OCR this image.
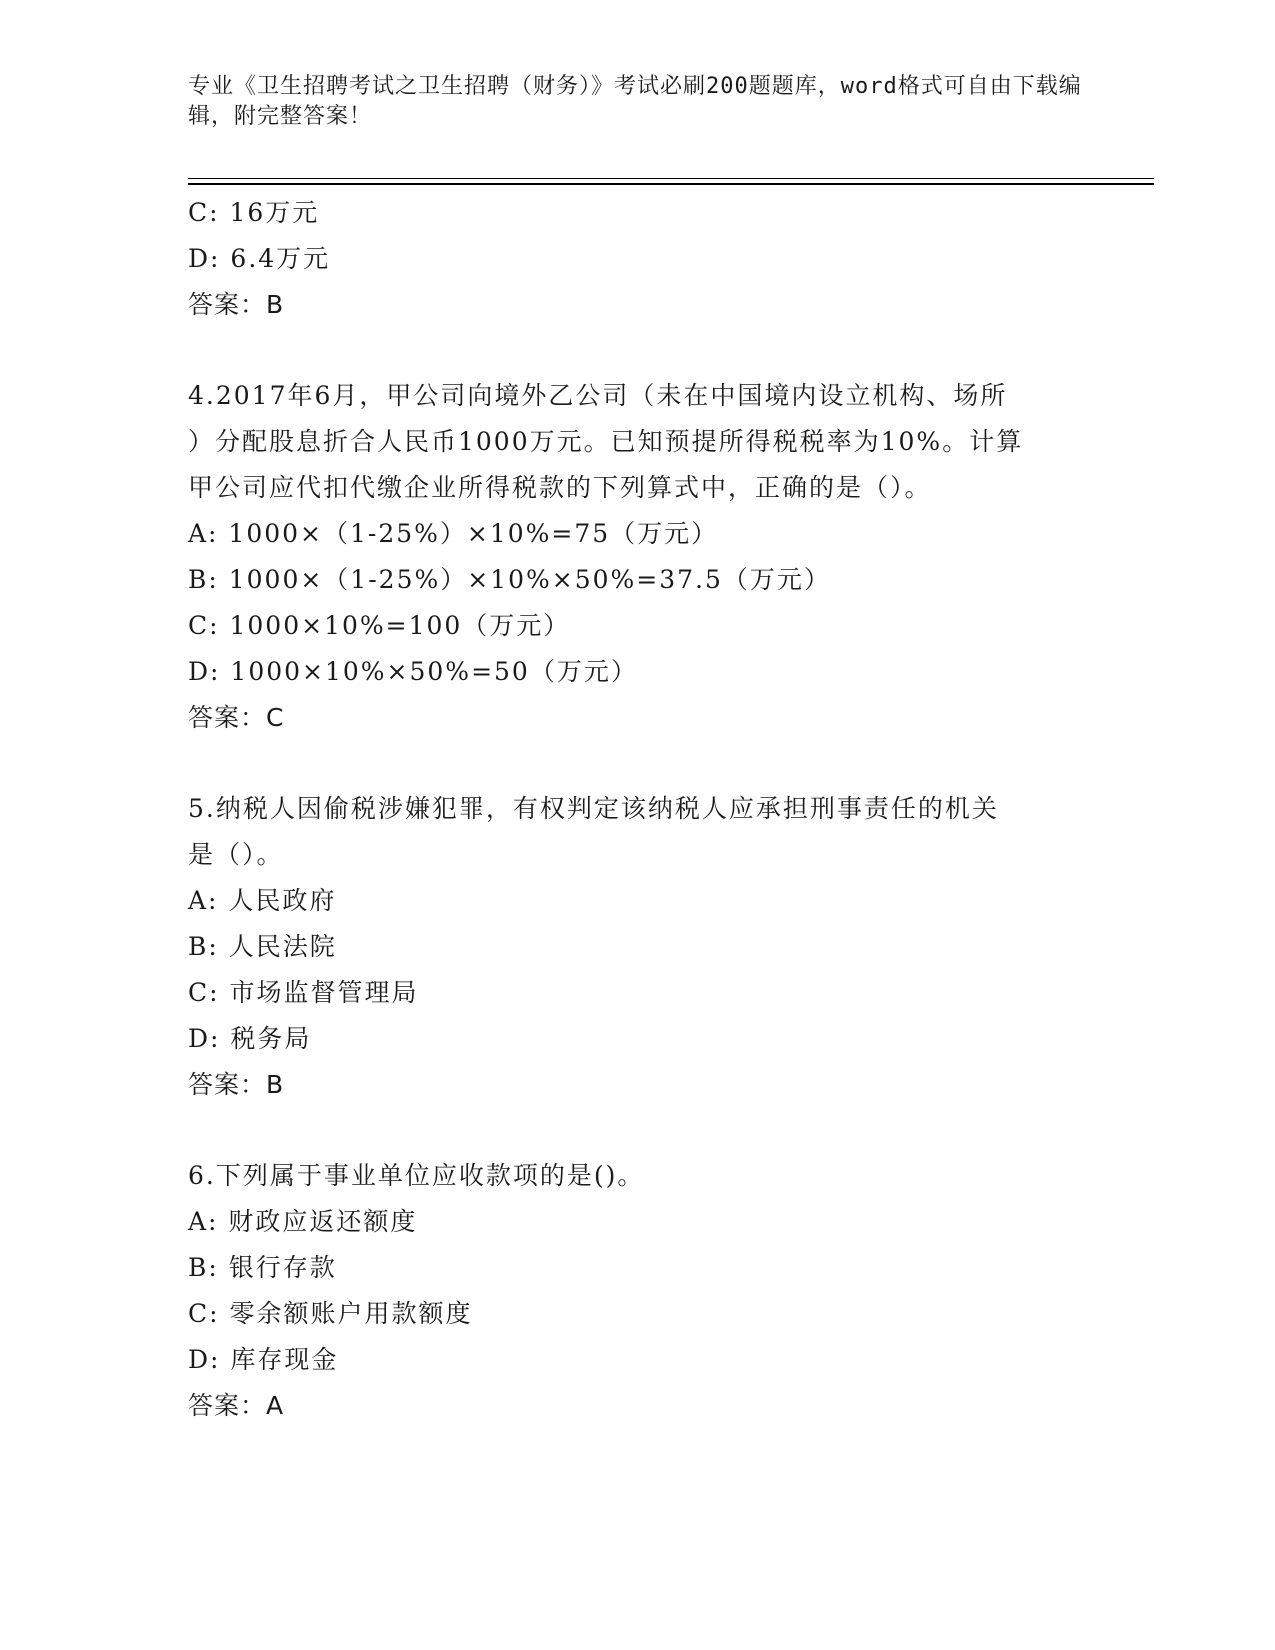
专业《卫生招聘考试之卫生招聘（财务）》考试必刷200题题库，word格式可自由下载编辑，附完整答案！
C: 16万元
D: 6.4万元
答案：B
4.2017年6月，甲公司向境外乙公司（未在中国境内设立机构、场所
）分配股息折合人民币1000万元。已知预提所得税税率为10%。计算
甲公司应代扣代缴企业所得税款的下列算式中，正确的是（）。
A: 1000×（1-25%）×10%=75（万元）
B: 1000×（1-25%）×10%×50%=37.5（万元）
C: 1000×10%=100（万元）
D: 1000×10%×50%=50（万元）
答案：C
5.纳税人因偷税涉嫌犯罪，有权判定该纳税人应承担刑事责任的机关
是（）。
A: 人民政府
B: 人民法院
C: 市场监督管理局
D: 税务局
答案：B
6.下列属于事业单位应收款项的是()。
A: 财政应返还额度
B: 银行存款
C: 零余额账户用款额度
D: 库存现金
答案：A
